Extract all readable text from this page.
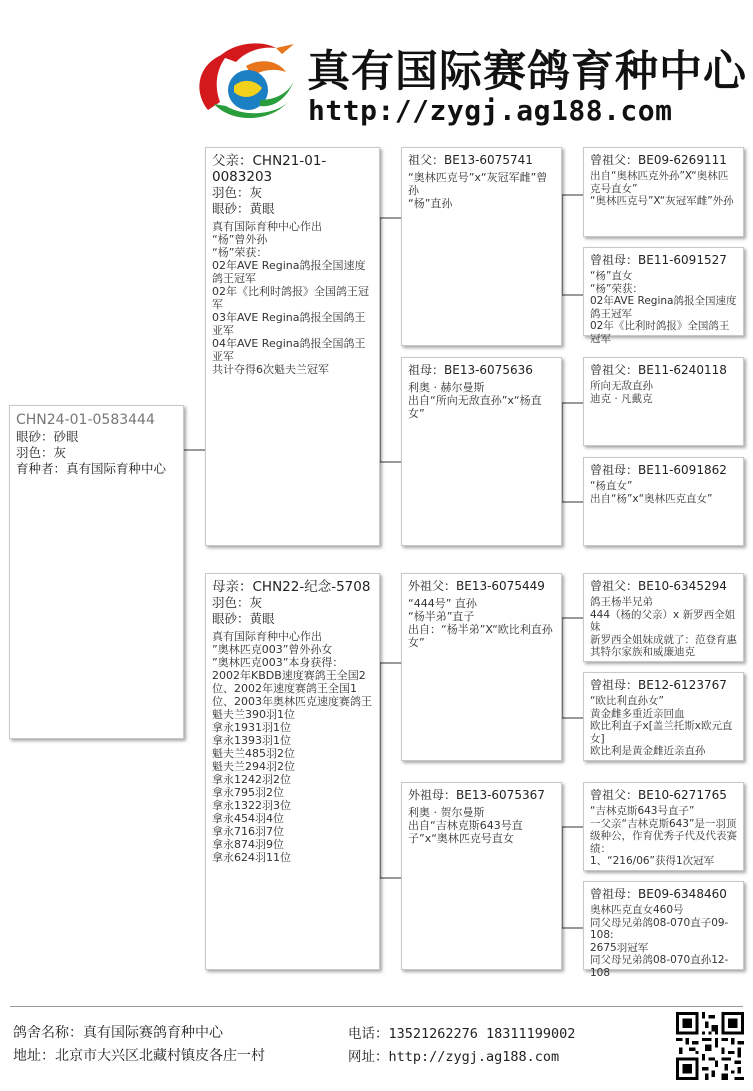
真有国际赛鸽育种中心
http://zygj.ag188.com
CHN24-01-0583444
眼砂：砂眼
羽色：灰
育种者：真有国际育种中心
父亲：CHN21-01-0083203
羽色：灰
眼砂：黄眼
真有国际育种中心作出
“杨”曾外孙
“杨”荣获：
02年AVE Regina鸽报全国速度鸽王冠军
02年《比利时鸽报》全国鸽王冠军
03年AVE Regina鸽报全国鸽王亚军
04年AVE Regina鸽报全国鸽王亚军
共计夺得6次魁夫兰冠军
母亲：CHN22-纪念-5708
羽色：灰
眼砂：黄眼
真有国际育种中心作出
”奥林匹克003”曾外孙女
”奥林匹克003”本身获得：
2002年KBDB速度赛鸽王全国2位、2002年速度赛鸽王全国1位、2003年奥林匹克速度赛鸽王
魁夫兰390羽1位
拿永1931羽1位
拿永1393羽1位
魁夫兰485羽2位
魁夫兰294羽2位
拿永1242羽2位
拿永795羽2位
拿永1322羽3位
拿永454羽4位
拿永716羽7位
拿永874羽9位
拿永624羽11位
祖父：BE13-6075741
“奥林匹克号”x“灰冠军雌”曾孙
“杨”直孙
祖母：BE13-6075636
利奥 · 赫尔曼斯
出自“所向无敌直孙”x“杨直女”
外祖父：BE13-6075449
“444号” 直孙
“杨半弟”直子
出自：“杨半弟”X“欧比利直孙女”
外祖母：BE13-6075367
利奥 · 贺尔曼斯
出自“吉林克斯643号直子”x“奥林匹克号直女
曾祖父：BE09-6269111
出自“奥林匹克外孙”X“奥林匹克号直女”
“奥林匹克号”X“灰冠军雌”外孙
曾祖母：BE11-6091527
“杨”直女
“杨”荣获：
02年AVE Regina鸽报全国速度鸽王冠军
02年《比利时鸽报》全国鸽王冠军
曾祖父：BE11-6240118
所向无敌直孙
迪克 · 凡戴克
曾祖母：BE11-6091862
“杨直女”
出自“杨”x“奥林匹克直女”
曾祖父：BE10-6345294
鸽王杨半兄弟
444（杨的父亲）x 新罗西全姐妹
新罗西全姐妹成就了：范登育惠其特尔家族和威廉迪克
曾祖母：BE12-6123767
“欧比利直孙女”
黄金雌多重近亲回血
欧比利直子x[盖兰托斯x欧元直女]
欧比利是黄金雌近亲直孙
曾祖父：BE10-6271765
“吉林克斯643号直子”
一父亲“吉林克斯643”是一羽顶级种公，作育优秀子代及代表赛绩：
1、“216/06”获得1次冠军
曾祖母：BE09-6348460
奥林匹克直女460号
同父母兄弟鸽08-070直子09-108:
2675羽冠军
同父母兄弟鸽08-070直孙12-108
鸽舍名称：真有国际赛鸽育种中心
地址：北京市大兴区北藏村镇皮各庄一村
电话：13521262276 18311199002
网址：http://zygj.ag188.com
